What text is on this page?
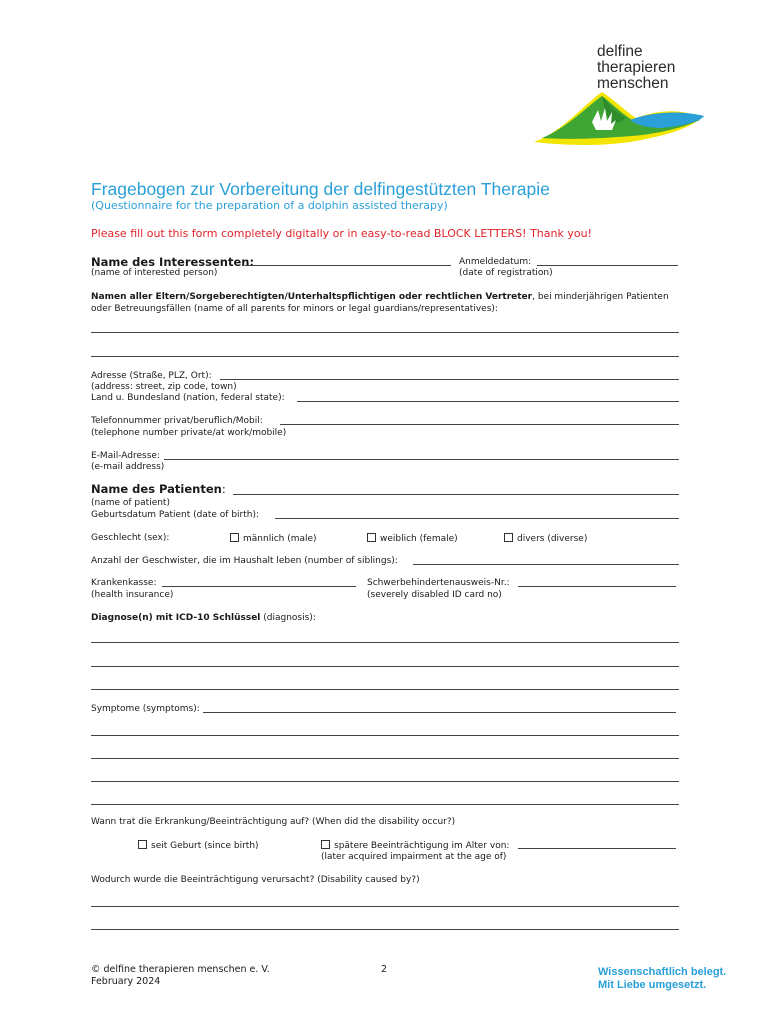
delfine
therapieren
menschen
Fragebogen zur Vorbereitung der delfingestützten Therapie
(Questionnaire for the preparation of a dolphin assisted therapy)
Please fill out this form completely digitally or in easy-to-read BLOCK LETTERS! Thank you!
Name des Interessenten:
(name of interested person)
Anmeldedatum:
(date of registration)
Namen aller Eltern/Sorgeberechtigten/Unterhaltspflichtigen oder rechtlichen Vertreter, bei minderjährigen Patienten
oder Betreuungsfällen (name of all parents for minors or legal guardians/representatives):
Adresse (Straße, PLZ, Ort):
(address: street, zip code, town)
Land u. Bundesland (nation, federal state):
Telefonnummer privat/beruflich/Mobil:
(telephone number private/at work/mobile)
E-Mail-Adresse:
(e-mail address)
Name des Patienten:
(name of patient)
Geburtsdatum Patient (date of birth):
Geschlecht (sex):	männlich (male)	weiblich (female)	divers (diverse)
Anzahl der Geschwister, die im Haushalt leben (number of siblings):
Krankenkasse:
(health insurance)
Schwerbehindertenausweis-Nr.:
(severely disabled ID card no)
Diagnose(n) mit ICD-10 Schlüssel (diagnosis):
Symptome (symptoms):
Wann trat die Erkrankung/Beeinträchtigung auf? (When did the disability occur?)
seit Geburt (since birth)	spätere Beeinträchtigung im Alter von:
(later acquired impairment at the age of)
Wodurch wurde die Beeinträchtigung verursacht? (Disability caused by?)
© delfine therapieren menschen e. V.
February 2024
2	Wissenschaftlich belegt.
Mit Liebe umgesetzt.
